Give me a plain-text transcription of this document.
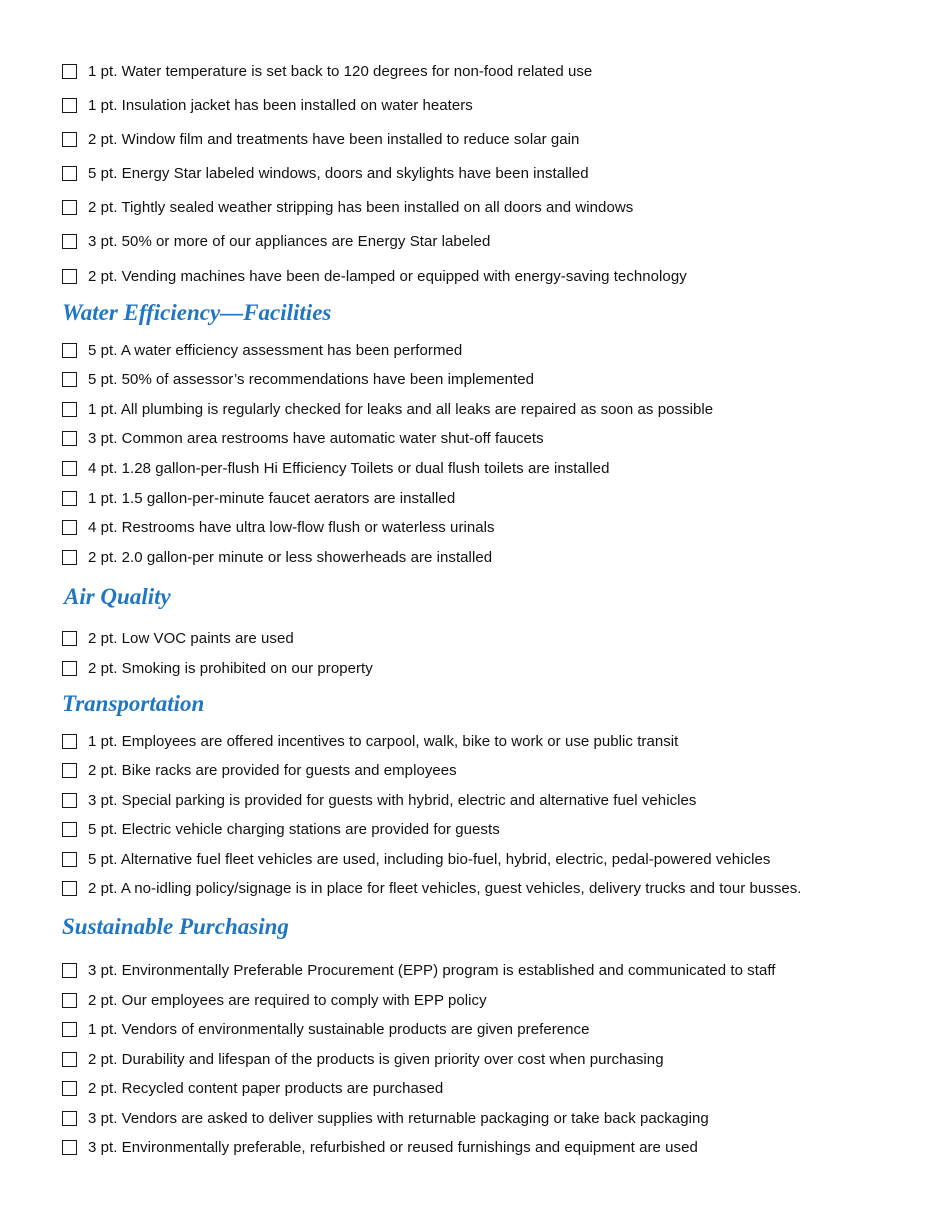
1 pt. Water temperature is set back to 120 degrees for non-food related use
1 pt. Insulation jacket has been installed on water heaters
2 pt. Window film and treatments have been installed to reduce solar gain
5 pt. Energy Star labeled windows, doors and skylights have been installed
2 pt. Tightly sealed weather stripping has been installed on all doors and windows
3 pt. 50% or more of our appliances are Energy Star labeled
2 pt. Vending machines have been de-lamped or equipped with energy-saving technology
Water Efficiency—Facilities
5 pt. A water efficiency assessment has been performed
5 pt. 50% of assessor’s recommendations have been implemented
1 pt. All plumbing is regularly checked for leaks and all leaks are repaired as soon as possible
3 pt. Common area restrooms have automatic water shut-off faucets
4 pt. 1.28 gallon-per-flush Hi Efficiency Toilets or dual flush toilets are installed
1 pt. 1.5 gallon-per-minute faucet aerators are installed
4 pt. Restrooms have ultra low-flow flush or waterless urinals
2 pt. 2.0 gallon-per minute or less showerheads are installed
Air Quality
2 pt. Low VOC paints are used
2 pt. Smoking is prohibited on our property
Transportation
1 pt. Employees are offered incentives to carpool, walk, bike to work or use public transit
2 pt. Bike racks are provided for guests and employees
3 pt. Special parking is provided for guests with hybrid, electric and alternative fuel vehicles
5 pt. Electric vehicle charging stations are provided for guests
5 pt. Alternative fuel fleet vehicles are used, including bio-fuel, hybrid, electric, pedal-powered vehicles
2 pt. A no-idling policy/signage is in place for fleet vehicles, guest vehicles, delivery trucks and tour busses.
Sustainable Purchasing
3 pt. Environmentally Preferable Procurement (EPP) program is established and communicated to staff
2 pt. Our employees are required to comply with EPP policy
1 pt. Vendors of environmentally sustainable products are given preference
2 pt. Durability and lifespan of the products is given priority over cost when purchasing
2 pt. Recycled content paper products are purchased
3 pt. Vendors are asked to deliver supplies with returnable packaging or take back packaging
3 pt. Environmentally preferable, refurbished or reused furnishings and equipment are used
